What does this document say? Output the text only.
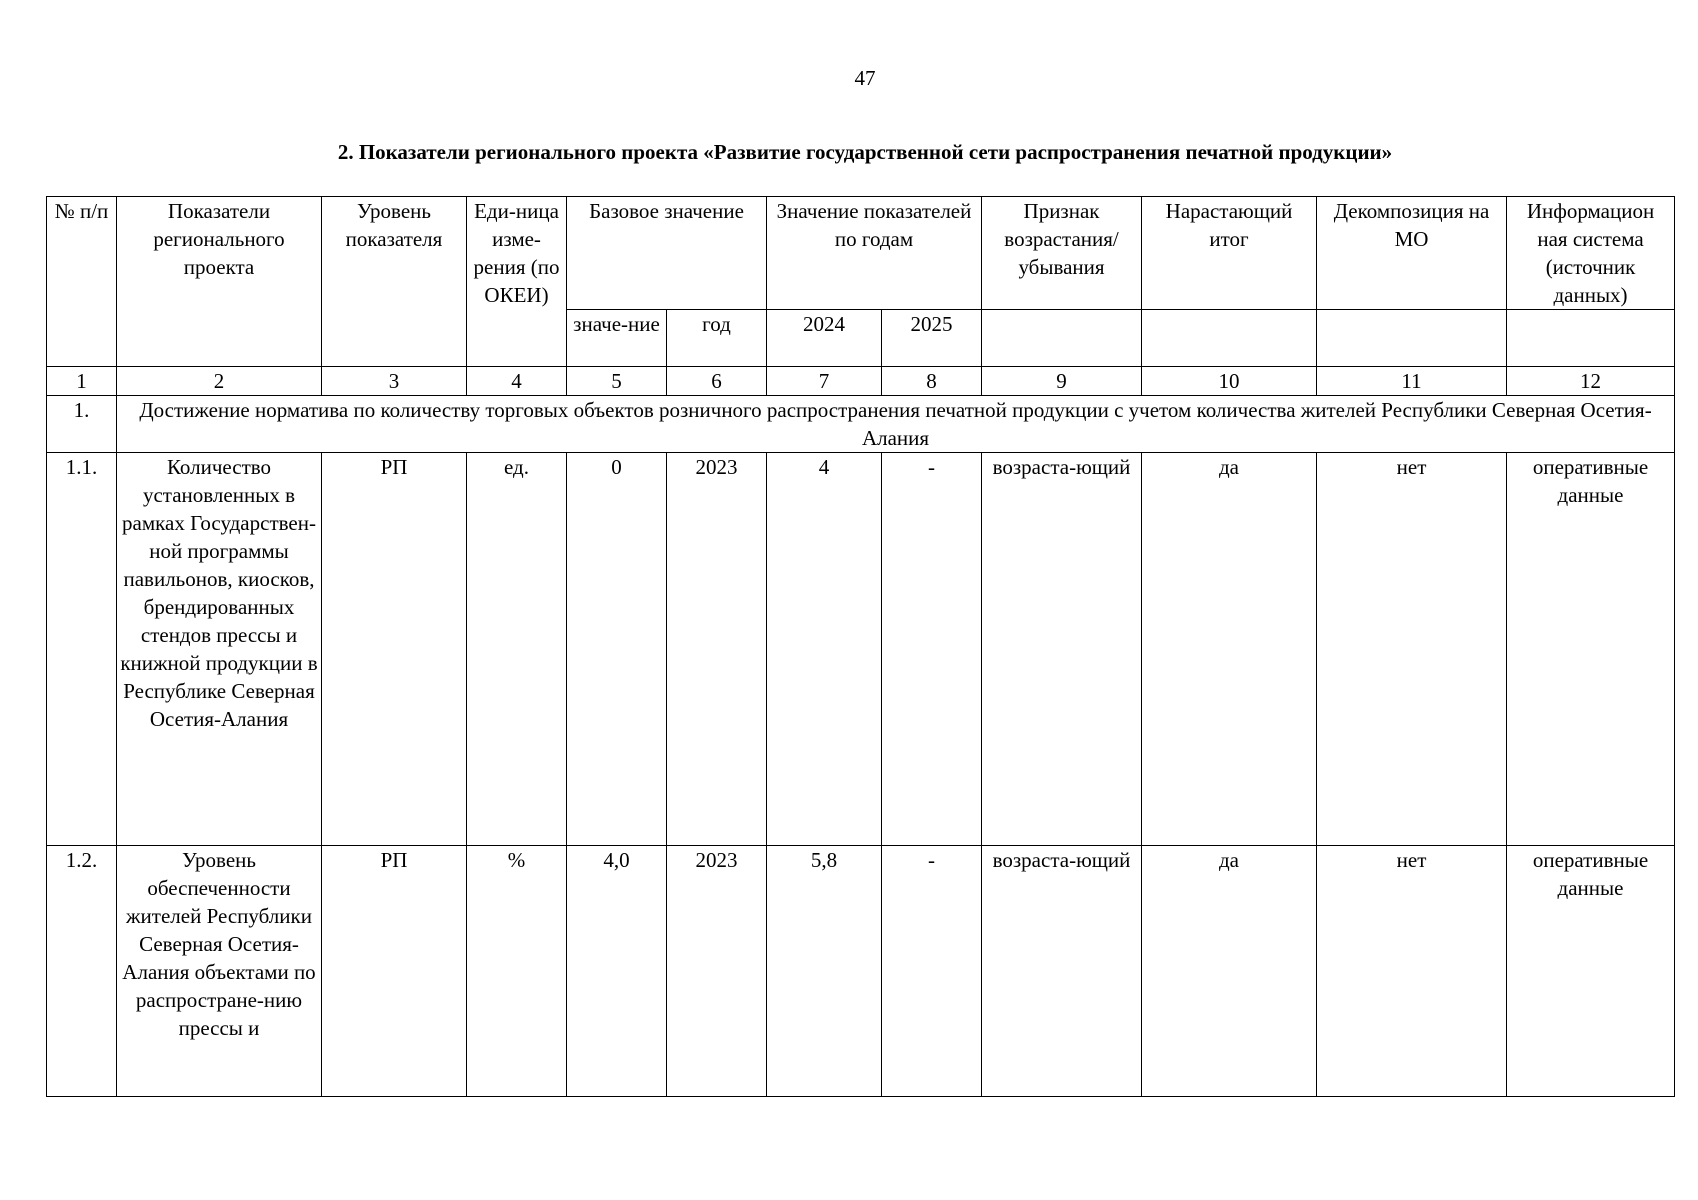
47
2. Показатели регионального проекта «Развитие государственной сети распространения печатной продукции»
№ п/п	Показатели регионального проекта	Уровень показателя	Еди-ница изме-рения (по ОКЕИ)	Базовое значение		Значение показателей по годам		Признак возрастания/ убывания	Нарастающий итог	Декомпозиция на МО	Информацион ная система (источник данных)
				значе-ние	год	2024	2025				
1	2	3	4	5	6	7	8	9	10	11	12
1.	Достижение норматива по количеству торговых объектов розничного распространения печатной продукции с учетом количества жителей Республики Северная Осетия-Алания										
1.1.	Количество установленных в рамках Государствен-ной программы павильонов, киосков, брендированных стендов прессы и книжной продукции в Республике Северная Осетия-Алания	РП	ед.	0	2023	4	-	возраста-ющий	да	нет	оперативные данные
1.2.	Уровень обеспеченности жителей Республики Северная Осетия-Алания объектами по распростране-нию прессы и	РП	%	4,0	2023	5,8	-	возраста-ющий	да	нет	оперативные данные
